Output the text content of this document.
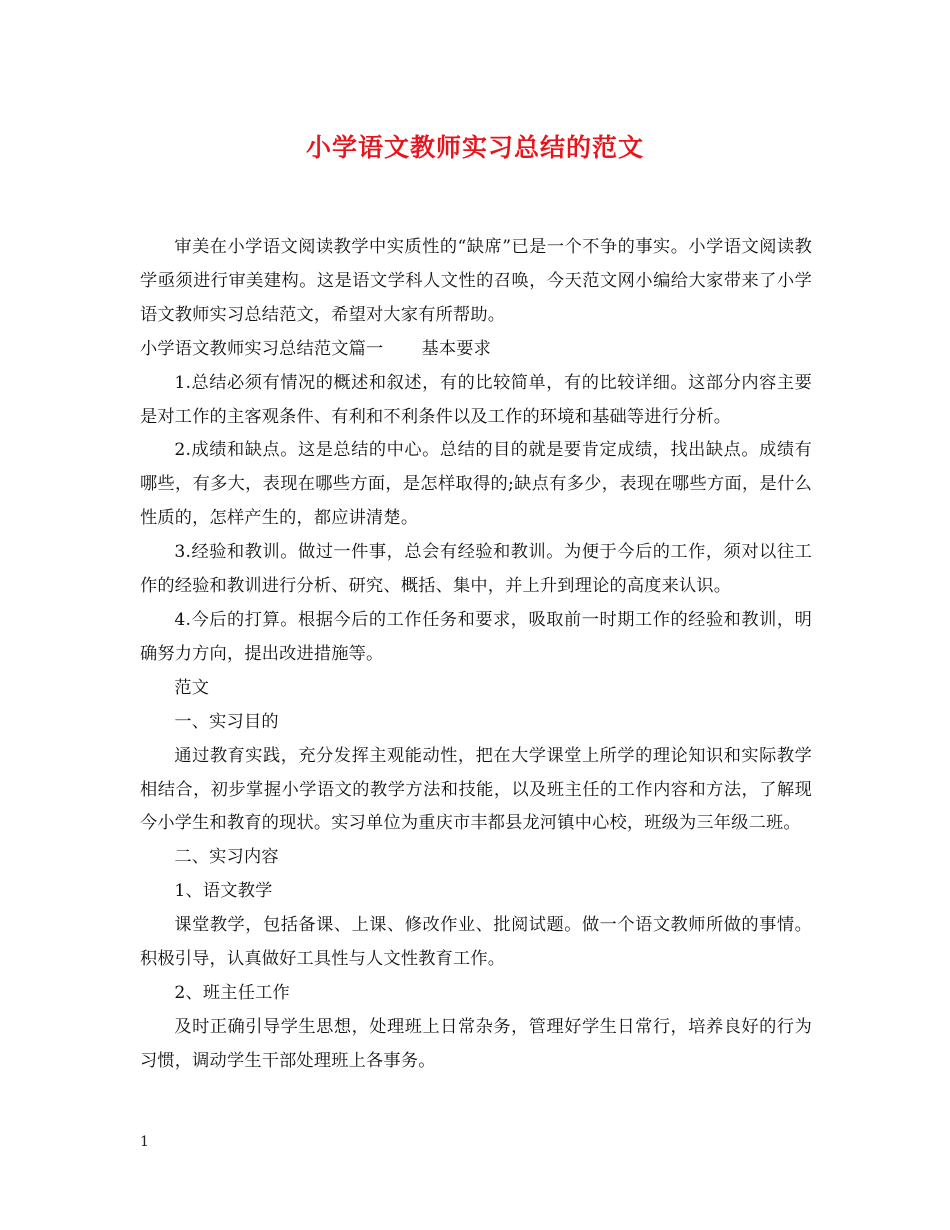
小学语文教师实习总结的范文

审美在小学语文阅读教学中实质性的“缺席”已是一个不争的事实。小学语文阅读教学亟须进行审美建构。这是语文学科人文性的召唤，今天范文网小编给大家带来了小学语文教师实习总结范文，希望对大家有所帮助。

小学语文教师实习总结范文篇一 基本要求

1.总结必须有情况的概述和叙述，有的比较简单，有的比较详细。这部分内容主要是对工作的主客观条件、有利和不利条件以及工作的环境和基础等进行分析。

2.成绩和缺点。这是总结的中心。总结的目的就是要肯定成绩，找出缺点。成绩有哪些，有多大，表现在哪些方面，是怎样取得的;缺点有多少，表现在哪些方面，是什么性质的，怎样产生的，都应讲清楚。

3.经验和教训。做过一件事，总会有经验和教训。为便于今后的工作，须对以往工作的经验和教训进行分析、研究、概括、集中，并上升到理论的高度来认识。

4.今后的打算。根据今后的工作任务和要求，吸取前一时期工作的经验和教训，明确努力方向，提出改进措施等。

范文

一、实习目的

通过教育实践，充分发挥主观能动性，把在大学课堂上所学的理论知识和实际教学相结合，初步掌握小学语文的教学方法和技能，以及班主任的工作内容和方法，了解现今小学生和教育的现状。实习单位为重庆市丰都县龙河镇中心校，班级为三年级二班。

二、实习内容

1、语文教学

课堂教学，包括备课、上课、修改作业、批阅试题。做一个语文教师所做的事情。积极引导，认真做好工具性与人文性教育工作。

2、班主任工作

及时正确引导学生思想，处理班上日常杂务，管理好学生日常行，培养良好的行为习惯，调动学生干部处理班上各事务。

1
